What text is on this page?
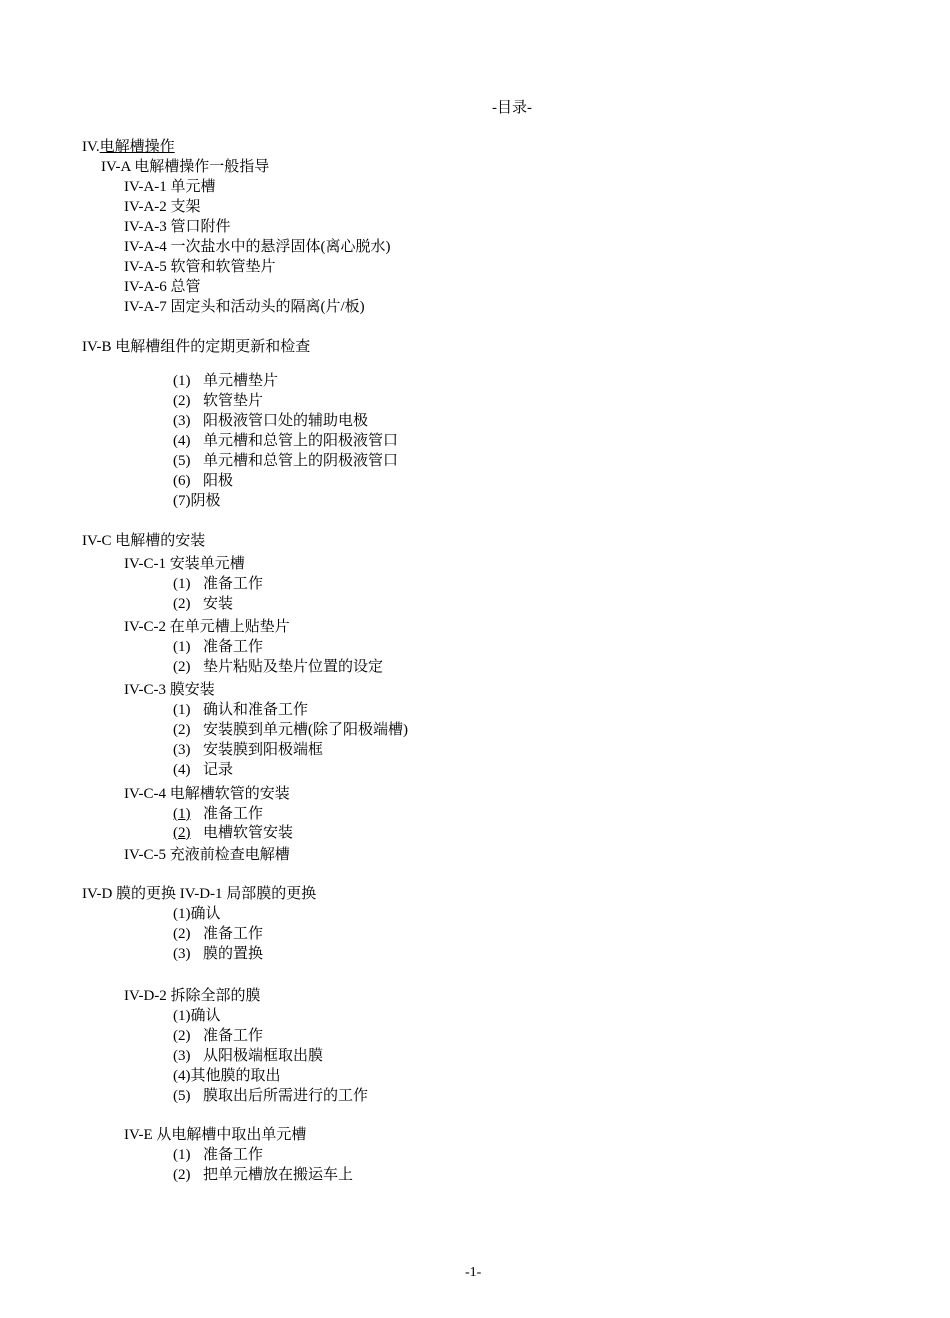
-目录-
IV.电解槽操作
IV-A 电解槽操作一般指导
IV-A-1 单元槽
IV-A-2 支架
IV-A-3 管口附件
IV-A-4 一次盐水中的悬浮固体(离心脱水)
IV-A-5 软管和软管垫片
IV-A-6 总管
IV-A-7 固定头和活动头的隔离(片/板)
IV-B 电解槽组件的定期更新和检查
(1) 单元槽垫片
(2) 软管垫片
(3) 阳极液管口处的辅助电极
(4) 单元槽和总管上的阳极液管口
(5) 单元槽和总管上的阴极液管口
(6) 阳极
(7)阴极
IV-C 电解槽的安装
IV-C-1 安装单元槽
(1) 准备工作
(2) 安装
IV-C-2 在单元槽上贴垫片
(1) 准备工作
(2) 垫片粘贴及垫片位置的设定
IV-C-3 膜安装
(1) 确认和准备工作
(2) 安装膜到单元槽(除了阳极端槽)
(3) 安装膜到阳极端框
(4) 记录
IV-C-4 电解槽软管的安装
(1) 准备工作
(2) 电槽软管安装
IV-C-5 充液前检查电解槽
IV-D 膜的更换 IV-D-1 局部膜的更换
(1)确认
(2) 准备工作
(3) 膜的置换
IV-D-2 拆除全部的膜
(1)确认
(2) 准备工作
(3) 从阳极端框取出膜
(4)其他膜的取出
(5) 膜取出后所需进行的工作
IV-E 从电解槽中取出单元槽
(1) 准备工作
(2) 把单元槽放在搬运车上
-1-
